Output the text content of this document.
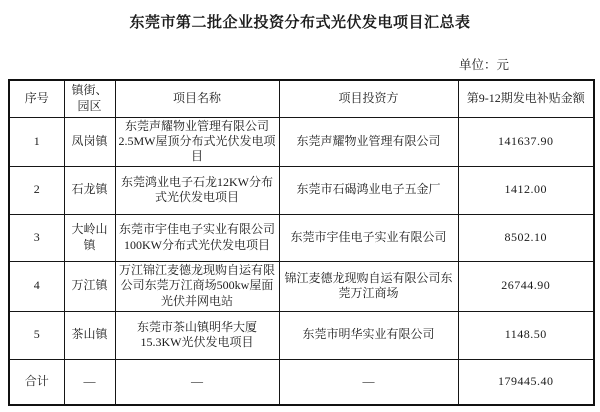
东莞市第二批企业投资分布式光伏发电项目汇总表
单位：元
序号	镇街、园区	项目名称	项目投资方	第9-12期发电补贴金额
1	凤岗镇	东莞声耀物业管理有限公司2.5MW屋顶分布式光伏发电项目	东莞声耀物业管理有限公司	141637.90
2	石龙镇	东莞鸿业电子石龙12KW分布式光伏发电项目	东莞市石碣鸿业电子五金厂	1412.00
3	大岭山镇	东莞市宇佳电子实业有限公司100KW分布式光伏发电项目	东莞市宇佳电子实业有限公司	8502.10
4	万江镇	万江锦江麦德龙现购自运有限公司东莞万江商场500kw屋面光伏并网电站	锦江麦德龙现购自运有限公司东莞万江商场	26744.90
5	茶山镇	东莞市茶山镇明华大厦15.3KW光伏发电项目	东莞市明华实业有限公司	1148.50
合计	—	—	—	179445.40
